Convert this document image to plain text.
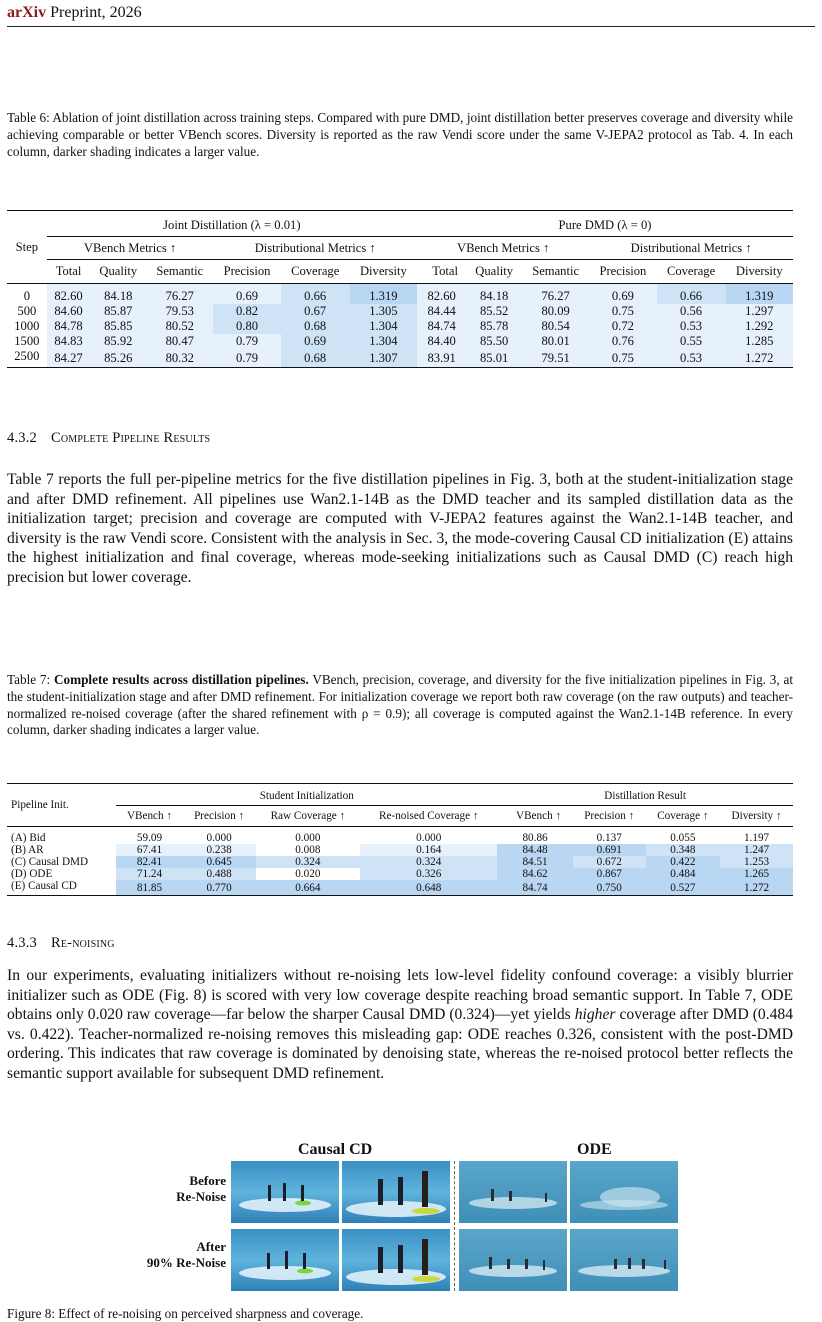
arXiv Preprint, 2026

Table 6: Ablation of joint distillation across training steps. Compared with pure DMD, joint distillation better preserves coverage and diversity while achieving comparable or better VBench scores. Diversity is reported as the raw Vendi score under the same V-JEPA2 protocol as Tab. 4. In each column, darker shading indicates a larger value.

Step	Joint Distillation (λ = 0.01)						Pure DMD (λ = 0)					
	VBench Metrics ↑			Distributional Metrics ↑			VBench Metrics ↑			Distributional Metrics ↑		
	Total	Quality	Semantic	Precision	Coverage	Diversity	Total	Quality	Semantic	Precision	Coverage	Diversity
0	82.60	84.18	76.27	0.69	0.66	1.319	82.60	84.18	76.27	0.69	0.66	1.319
500	84.60	85.87	79.53	0.82	0.67	1.305	84.44	85.52	80.09	0.75	0.56	1.297
1000	84.78	85.85	80.52	0.80	0.68	1.304	84.74	85.78	80.54	0.72	0.53	1.292
1500	84.83	85.92	80.47	0.79	0.69	1.304	84.40	85.50	80.01	0.76	0.55	1.285
2500	84.27	85.26	80.32	0.79	0.68	1.307	83.91	85.01	79.51	0.75	0.53	1.272
4.3.2 Complete Pipeline Results

Table 7 reports the full per-pipeline metrics for the five distillation pipelines in Fig. 3, both at the student-initialization stage and after DMD refinement. All pipelines use Wan2.1-14B as the DMD teacher and its sampled distillation data as the initialization target; precision and coverage are computed with V-JEPA2 features against the Wan2.1-14B teacher, and diversity is the raw Vendi score. Consistent with the analysis in Sec. 3, the mode-covering Causal CD initialization (E) attains the highest initialization and final coverage, whereas mode-seeking initializations such as Causal DMD (C) reach high precision but lower coverage.

Table 7: Complete results across distillation pipelines. VBench, precision, coverage, and diversity for the five initialization pipelines in Fig. 3, at the student-initialization stage and after DMD refinement. For initialization coverage we report both raw coverage (on the raw outputs) and teacher-normalized re-noised coverage (after the shared refinement with ρ = 0.9); all coverage is computed against the Wan2.1-14B reference. In every column, darker shading indicates a larger value.

Pipeline Init.	Student Initialization				Distillation Result			
	VBench ↑	Precision ↑	Raw Coverage ↑	Re-noised Coverage ↑	VBench ↑	Precision ↑	Coverage ↑	Diversity ↑
(A) Bid	59.09	0.000	0.000	0.000	80.86	0.137	0.055	1.197
(B) AR	67.41	0.238	0.008	0.164	84.48	0.691	0.348	1.247
(C) Causal DMD	82.41	0.645	0.324	0.324	84.51	0.672	0.422	1.253
(D) ODE	71.24	0.488	0.020	0.326	84.62	0.867	0.484	1.265
(E) Causal CD	81.85	0.770	0.664	0.648	84.74	0.750	0.527	1.272
4.3.3 Re-noising

In our experiments, evaluating initializers without re-noising lets low-level fidelity confound coverage: a visibly blurrier initializer such as ODE (Fig. 8) is scored with very low coverage despite reaching broad semantic support. In Table 7, ODE obtains only 0.020 raw coverage—far below the sharper Causal DMD (0.324)—yet yields higher coverage after DMD (0.484 vs. 0.422). Teacher-normalized re-noising removes this misleading gap: ODE reaches 0.326, consistent with the post-DMD ordering. This indicates that raw coverage is dominated by denoising state, whereas the re-noised protocol better reflects the semantic support available for subsequent DMD refinement.

Causal CD	ODE
Before
Re-Noise
After
90% Re-Noise
Figure 8: Effect of re-noising on perceived sharpness and coverage.
